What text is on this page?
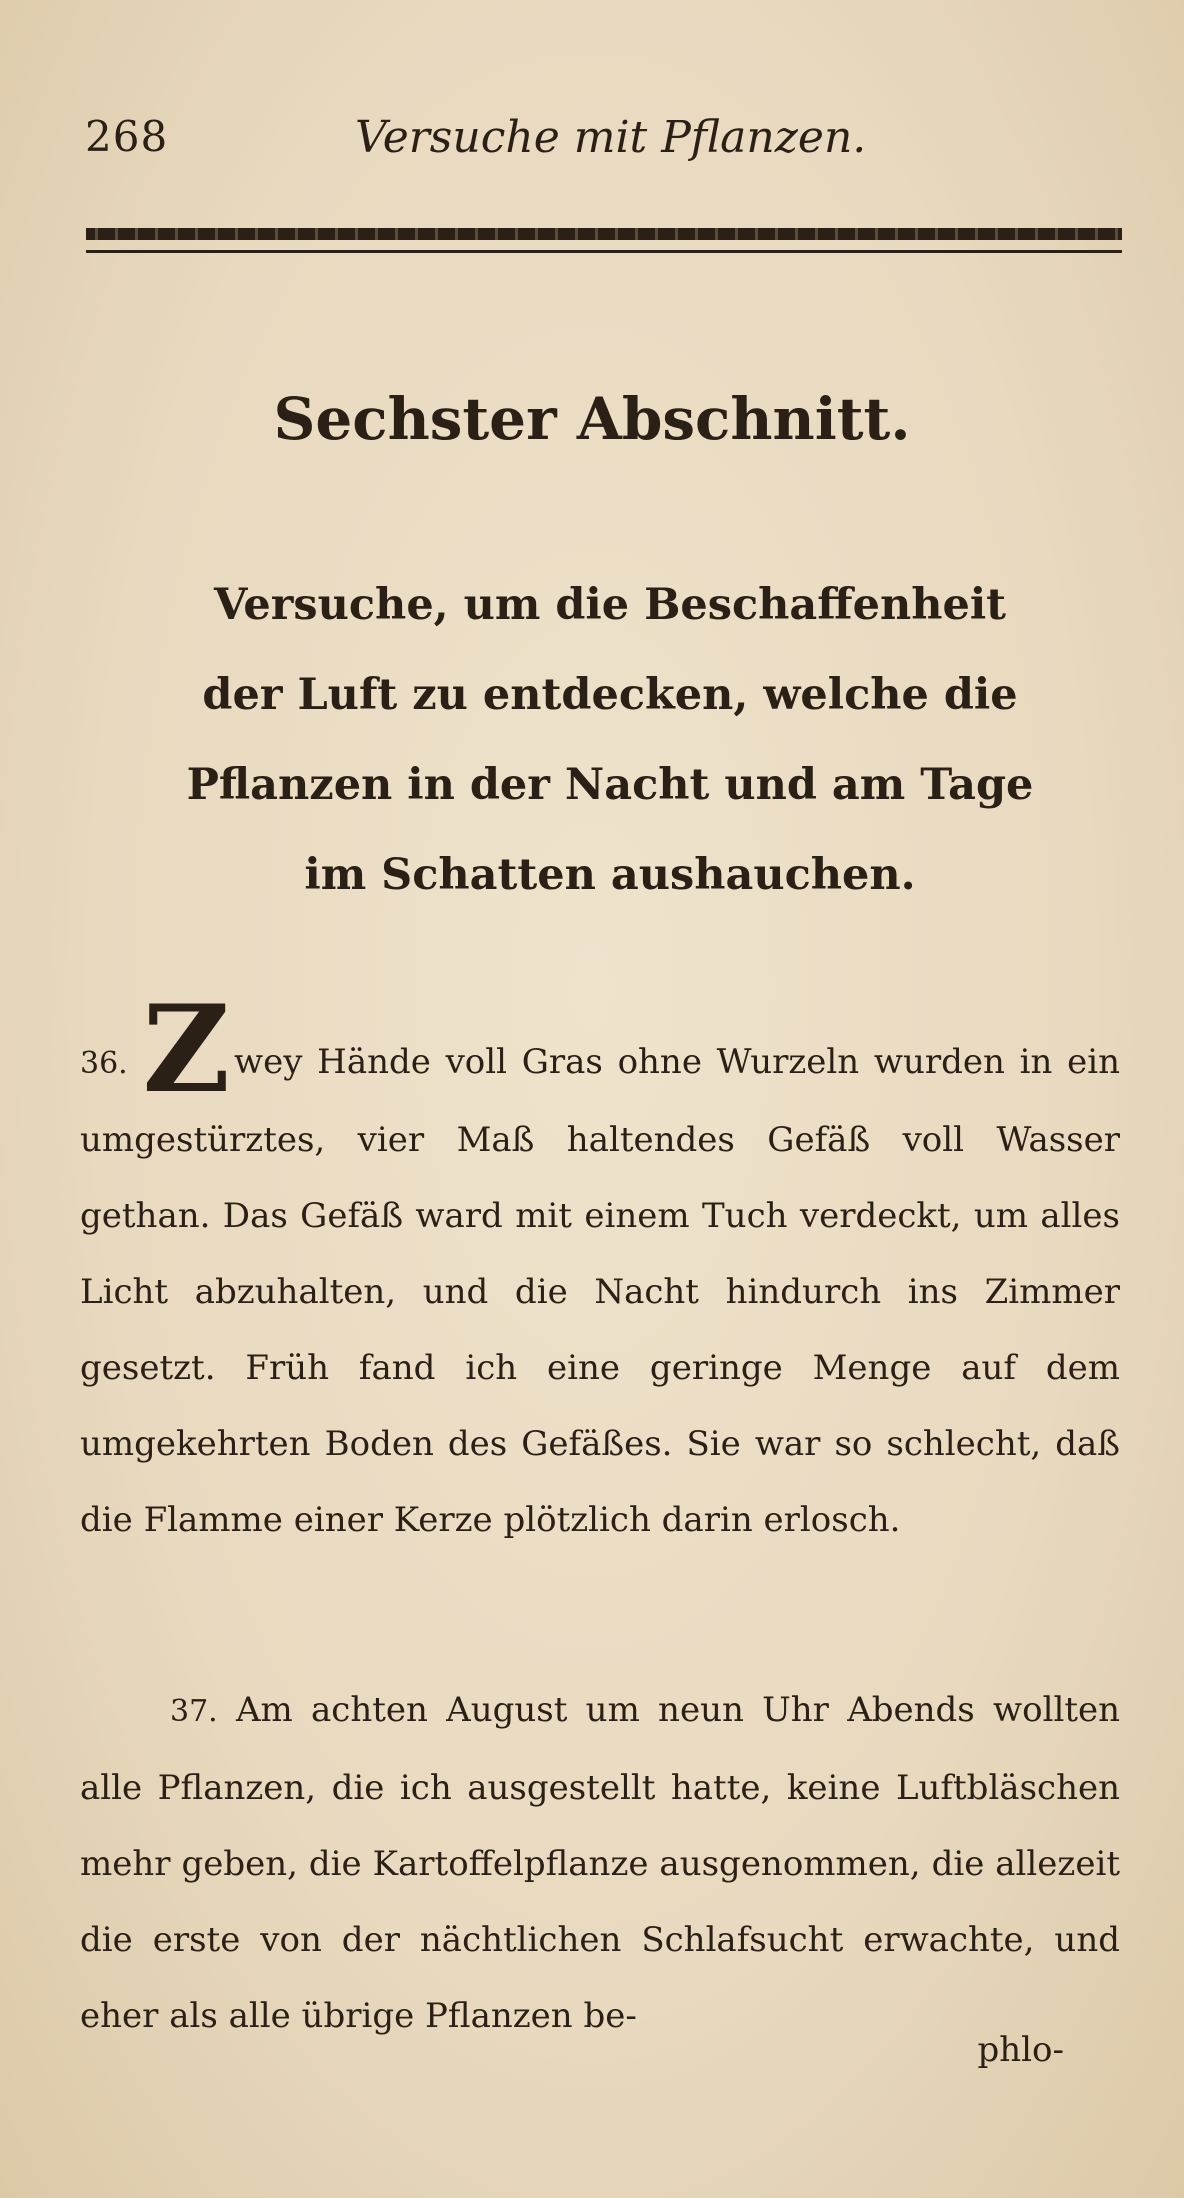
268	Versuche mit Pflanzen.
Sechster Abschnitt.
Versuche, um die Beschaffenheit der Luft zu entdecken, welche die Pflanzen in der Nacht und am Tage im Schatten aushauchen.
36. Z wey Hände voll Gras ohne Wurzeln wurden in ein umgestürztes, vier Maß haltendes Gefäß voll Wasser gethan. Das Gefäß ward mit einem Tuch verdeckt, um alles Licht abzuhalten, und die Nacht hindurch ins Zimmer gesetzt. Früh fand ich eine geringe Menge auf dem umgekehrten Boden des Gefäßes. Sie war so schlecht, daß die Flamme einer Kerze plötzlich darin erlosch.
37. Am achten August um neun Uhr Abends wollten alle Pflanzen, die ich ausgestellt hatte, keine Luftbläschen mehr geben, die Kartoffelpflanze ausgenommen, die allezeit die erste von der nächtlichen Schlafsucht erwachte, und eher als alle übrige Pflanzen be-
phlo-
